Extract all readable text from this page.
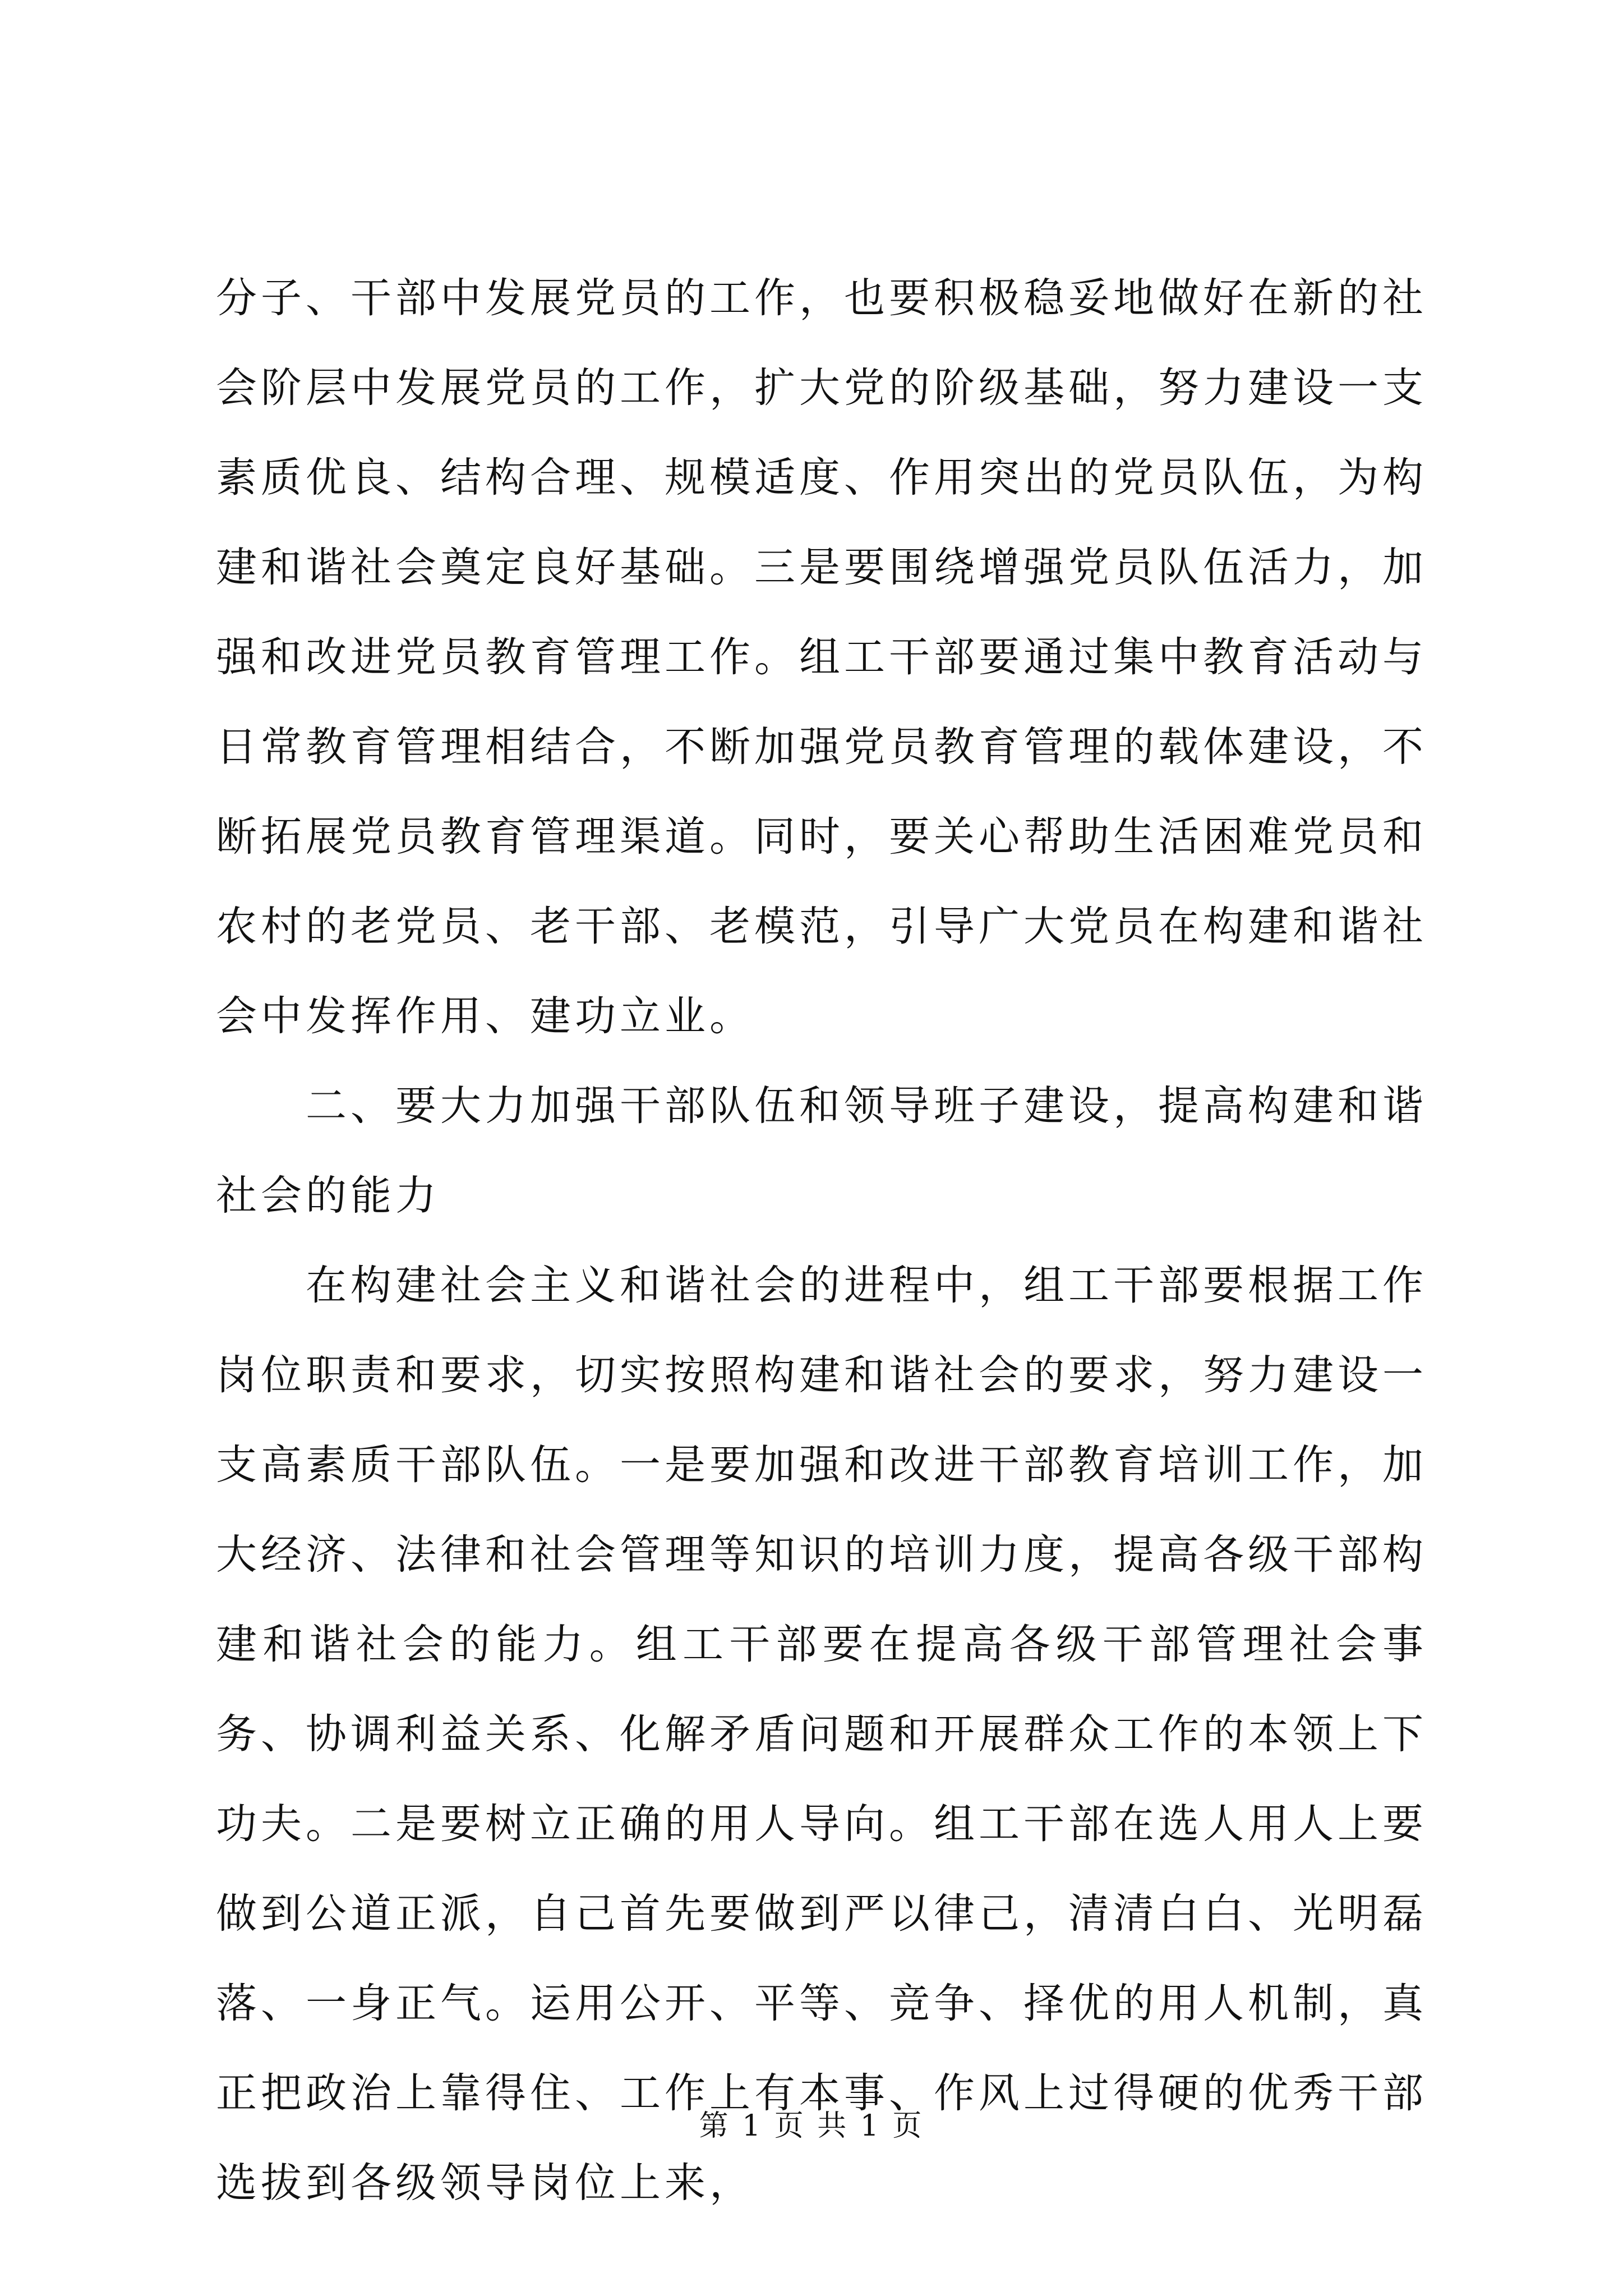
分子、干部中发展党员的工作，也要积极稳妥地做好在新的社会阶层中发展党员的工作，扩大党的阶级基础，努力建设一支素质优良、结构合理、规模适度、作用突出的党员队伍，为构建和谐社会奠定良好基础。三是要围绕增强党员队伍活力，加强和改进党员教育管理工作。组工干部要通过集中教育活动与日常教育管理相结合，不断加强党员教育管理的载体建设，不断拓展党员教育管理渠道。同时，要关心帮助生活困难党员和农村的老党员、老干部、老模范，引导广大党员在构建和谐社会中发挥作用、建功立业。

二、要大力加强干部队伍和领导班子建设，提高构建和谐社会的能力

在构建社会主义和谐社会的进程中，组工干部要根据工作岗位职责和要求，切实按照构建和谐社会的要求，努力建设一支高素质干部队伍。一是要加强和改进干部教育培训工作，加大经济、法律和社会管理等知识的培训力度，提高各级干部构建和谐社会的能力。组工干部要在提高各级干部管理社会事务、协调利益关系、化解矛盾问题和开展群众工作的本领上下功夫。二是要树立正确的用人导向。组工干部在选人用人上要做到公道正派，自己首先要做到严以律己，清清白白、光明磊落、一身正气。运用公开、平等、竞争、择优的用人机制，真正把政治上靠得住、工作上有本事、作风上过得硬的优秀干部选拔到各级领导岗位上来，

第 1 页 共 1 页
